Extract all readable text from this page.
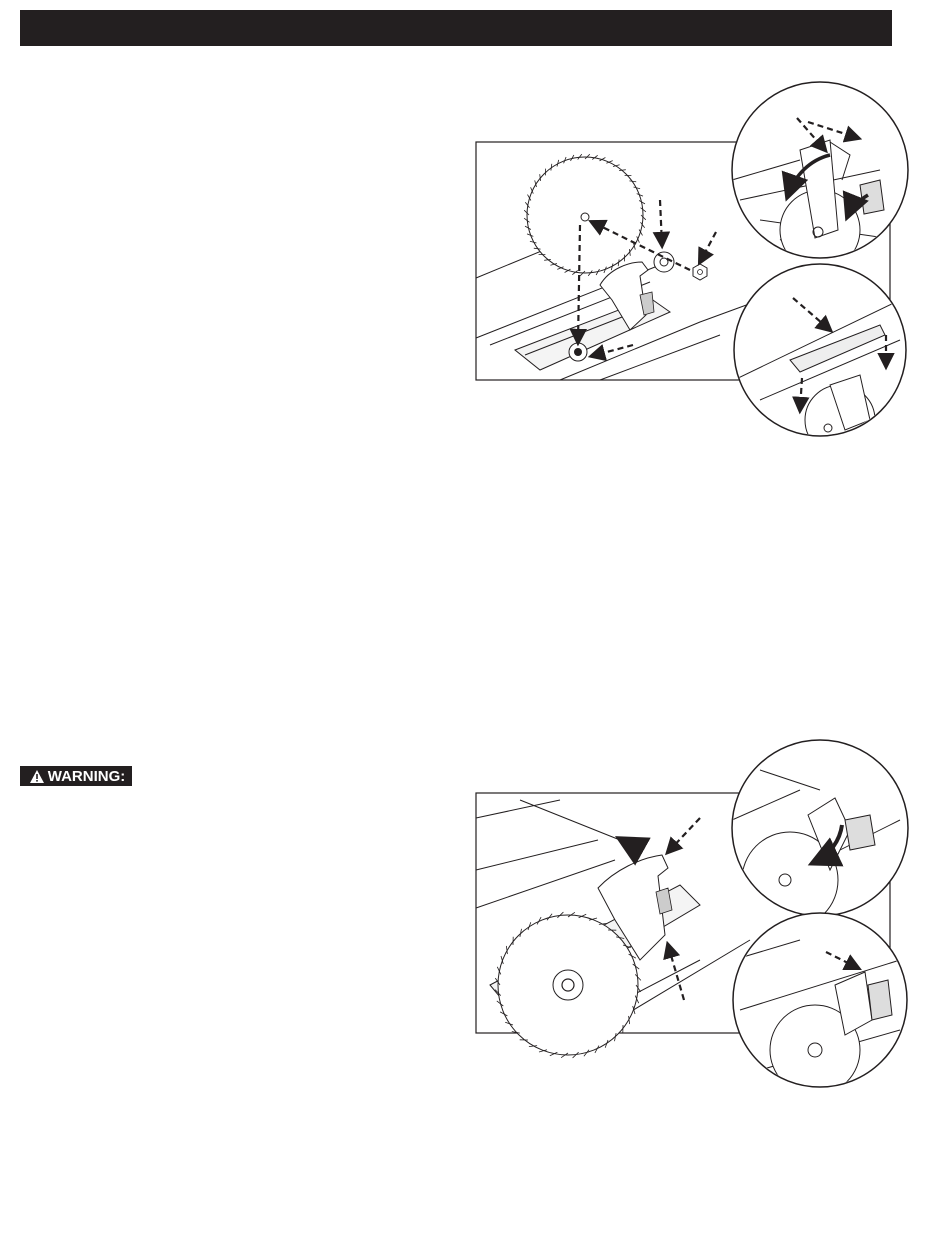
WARNING:
